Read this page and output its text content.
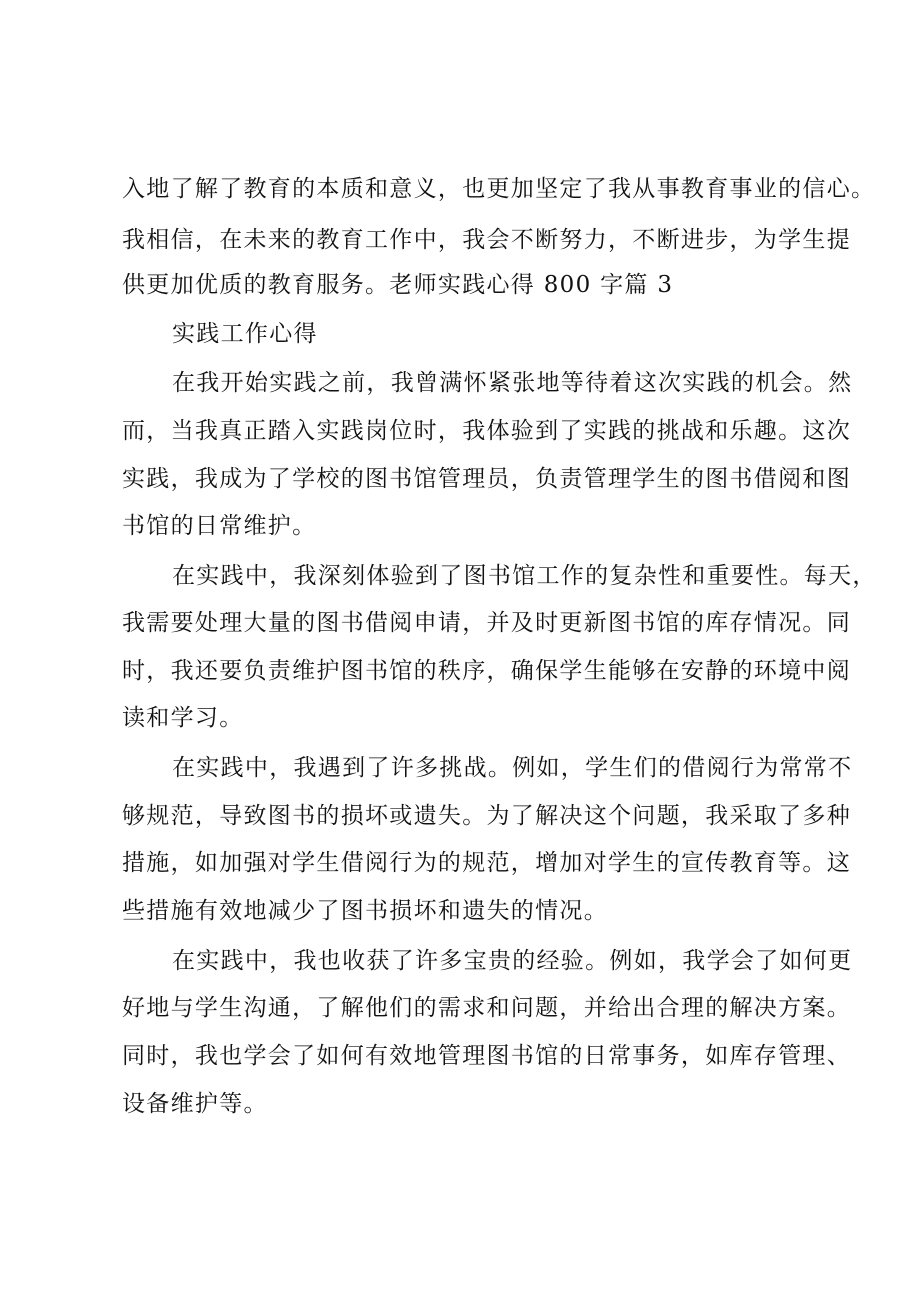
入地了解了教育的本质和意义，也更加坚定了我从事教育事业的信心。

我相信，在未来的教育工作中，我会不断努力，不断进步，为学生提

供更加优质的教育服务。老师实践心得 800 字篇 3

实践工作心得

在我开始实践之前，我曾满怀紧张地等待着这次实践的机会。然

而，当我真正踏入实践岗位时，我体验到了实践的挑战和乐趣。这次

实践，我成为了学校的图书馆管理员，负责管理学生的图书借阅和图

书馆的日常维护。

在实践中，我深刻体验到了图书馆工作的复杂性和重要性。每天，

我需要处理大量的图书借阅申请，并及时更新图书馆的库存情况。同

时，我还要负责维护图书馆的秩序，确保学生能够在安静的环境中阅

读和学习。

在实践中，我遇到了许多挑战。例如，学生们的借阅行为常常不

够规范，导致图书的损坏或遗失。为了解决这个问题，我采取了多种

措施，如加强对学生借阅行为的规范，增加对学生的宣传教育等。这

些措施有效地减少了图书损坏和遗失的情况。

在实践中，我也收获了许多宝贵的经验。例如，我学会了如何更

好地与学生沟通，了解他们的需求和问题，并给出合理的解决方案。

同时，我也学会了如何有效地管理图书馆的日常事务，如库存管理、

设备维护等。
